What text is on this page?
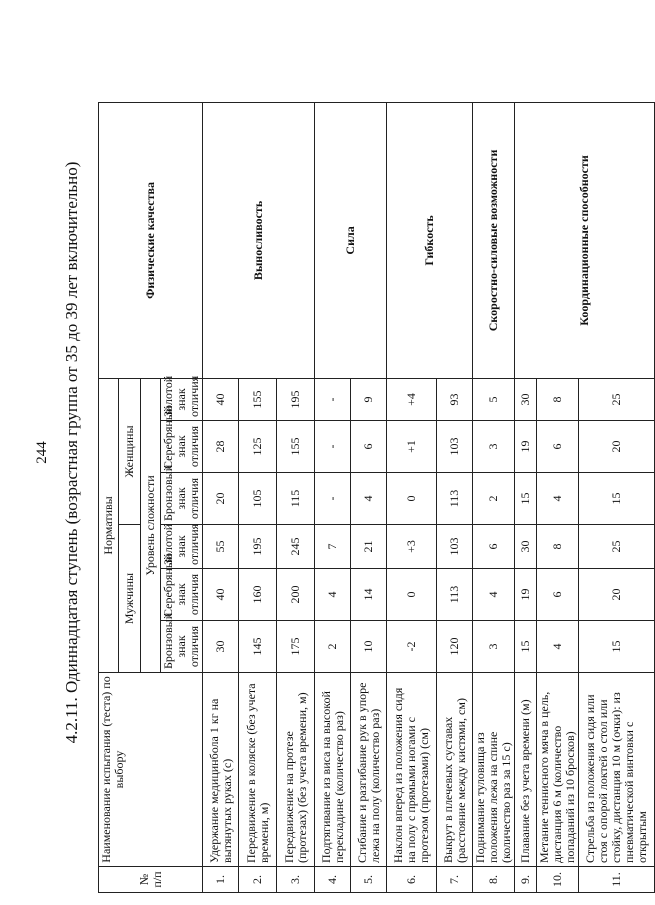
244 4.2.11. Одиннадцатая ступень (возрастная группа от 35 до 39 лет включительно)
№ п/п	Наименование испытания (теста) по выбору	Нормативы						Физические качества
		Мужчины			Женщины			
		Уровень сложности						
		Бронзовый знак отличия	Серебряный знак отличия	Золотой знак отличия	Бронзовый знак отличия	Серебряный знак отличия	Золотой знак отличия	
1.	Удержание медицинбола 1 кг на вытянутых руках (с)	30	40	55	20	28	40	Выносливость
2.	Передвижение в коляске (без учета времени, м)	145	160	195	105	125	155	
3.	Передвижение на протезе (протезах) (без учета времени, м)	175	200	245	115	155	195	
4.	Подтягивание из виса на высокой перекладине (количество раз)	2	4	7	-	-	-	Сила
5.	Сгибание и разгибание рук в упоре лежа на полу (количество раз)	10	14	21	4	6	9	
6.	Наклон вперед из положения сидя на полу с прямыми ногами с протезом (протезами) (см)	-2	0	+3	0	+1	+4	Гибкость
7.	Выкрут в плечевых суставах (расстояние между кистями, см)	120	113	103	113	103	93	
8.	Поднимание туловища из положения лежа на спине (количество раз за 15 с)	3	4	6	2	3	5	Скоростно-силовые возможности
9.	Плавание без учета времени (м)	15	19	30	15	19	30	Координационные способности
10.	Метание теннисного мяча в цель, дистанция 6 м (количество попаданий из 10 бросков)	4	6	8	4	6	8	
11.	Стрельба из положения сидя или стоя с опорой локтей о стол или стойку, дистанция 10 м (очки): из пневматической винтовки с открытым	15	20	25	15	20	25	
